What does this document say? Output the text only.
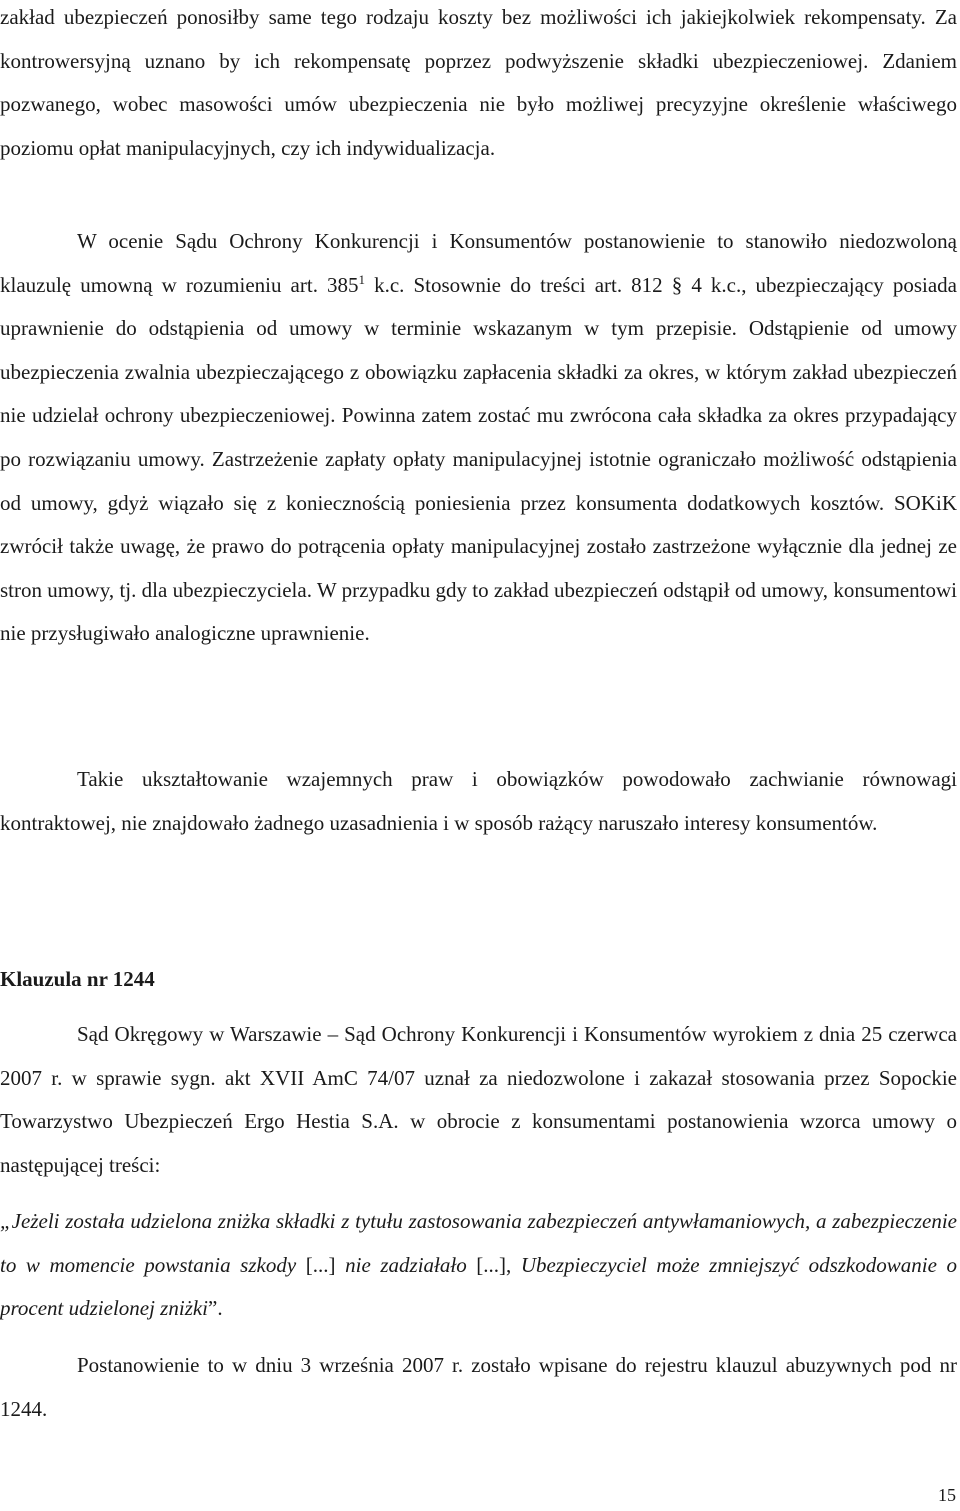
zakład ubezpieczeń ponosiłby same tego rodzaju koszty bez możliwości ich jakiejkolwiek rekompensaty. Za kontrowersyjną uznano by ich rekompensatę poprzez podwyższenie składki ubezpieczeniowej. Zdaniem pozwanego, wobec masowości umów ubezpieczenia nie było możliwej precyzyjne określenie właściwego poziomu opłat manipulacyjnych, czy ich indywidualizacja.

W ocenie Sądu Ochrony Konkurencji i Konsumentów postanowienie to stanowiło niedozwoloną klauzulę umowną w rozumieniu art. $385^1$ k.c. Stosownie do treści art. 812 § 4 k.c., ubezpieczający posiada uprawnienie do odstąpienia od umowy w terminie wskazanym w tym przepisie. Odstąpienie od umowy ubezpieczenia zwalnia ubezpieczającego z obowiązku zapłacenia składki za okres, w którym zakład ubezpieczeń nie udzielał ochrony ubezpieczeniowej. Powinna zatem zostać mu zwrócona cała składka za okres przypadający po rozwiązaniu umowy. Zastrzeżenie zapłaty opłaty manipulacyjnej istotnie ograniczało możliwość odstąpienia od umowy, gdyż wiązało się z koniecznością poniesienia przez konsumenta dodatkowych kosztów. SOKiK zwrócił także uwagę, że prawo do potrącenia opłaty manipulacyjnej zostało zastrzeżone wyłącznie dla jednej ze stron umowy, tj. dla ubezpieczyciela. W przypadku gdy to zakład ubezpieczeń odstąpił od umowy, konsumentowi nie przysługiwało analogiczne uprawnienie.

Takie ukształtowanie wzajemnych praw i obowiązków powodowało zachwianie równowagi kontraktowej, nie znajdowało żadnego uzasadnienia i w sposób rażący naruszało interesy konsumentów.

Klauzula nr 1244

Sąd Okręgowy w Warszawie – Sąd Ochrony Konkurencji i Konsumentów wyrokiem z dnia 25 czerwca 2007 r. w sprawie sygn. akt XVII AmC 74/07 uznał za niedozwolone i zakazał stosowania przez Sopockie Towarzystwo Ubezpieczeń Ergo Hestia S.A. w obrocie z konsumentami postanowienia wzorca umowy o następującej treści:

„Jeżeli została udzielona zniżka składki z tytułu zastosowania zabezpieczeń antywłamaniowych, a zabezpieczenie to w momencie powstania szkody [...] nie zadziałało [...], Ubezpieczyciel może zmniejszyć odszkodowanie o procent udzielonej zniżki”.

Postanowienie to w dniu 3 września 2007 r. zostało wpisane do rejestru klauzul abuzywnych pod nr 1244.

15
